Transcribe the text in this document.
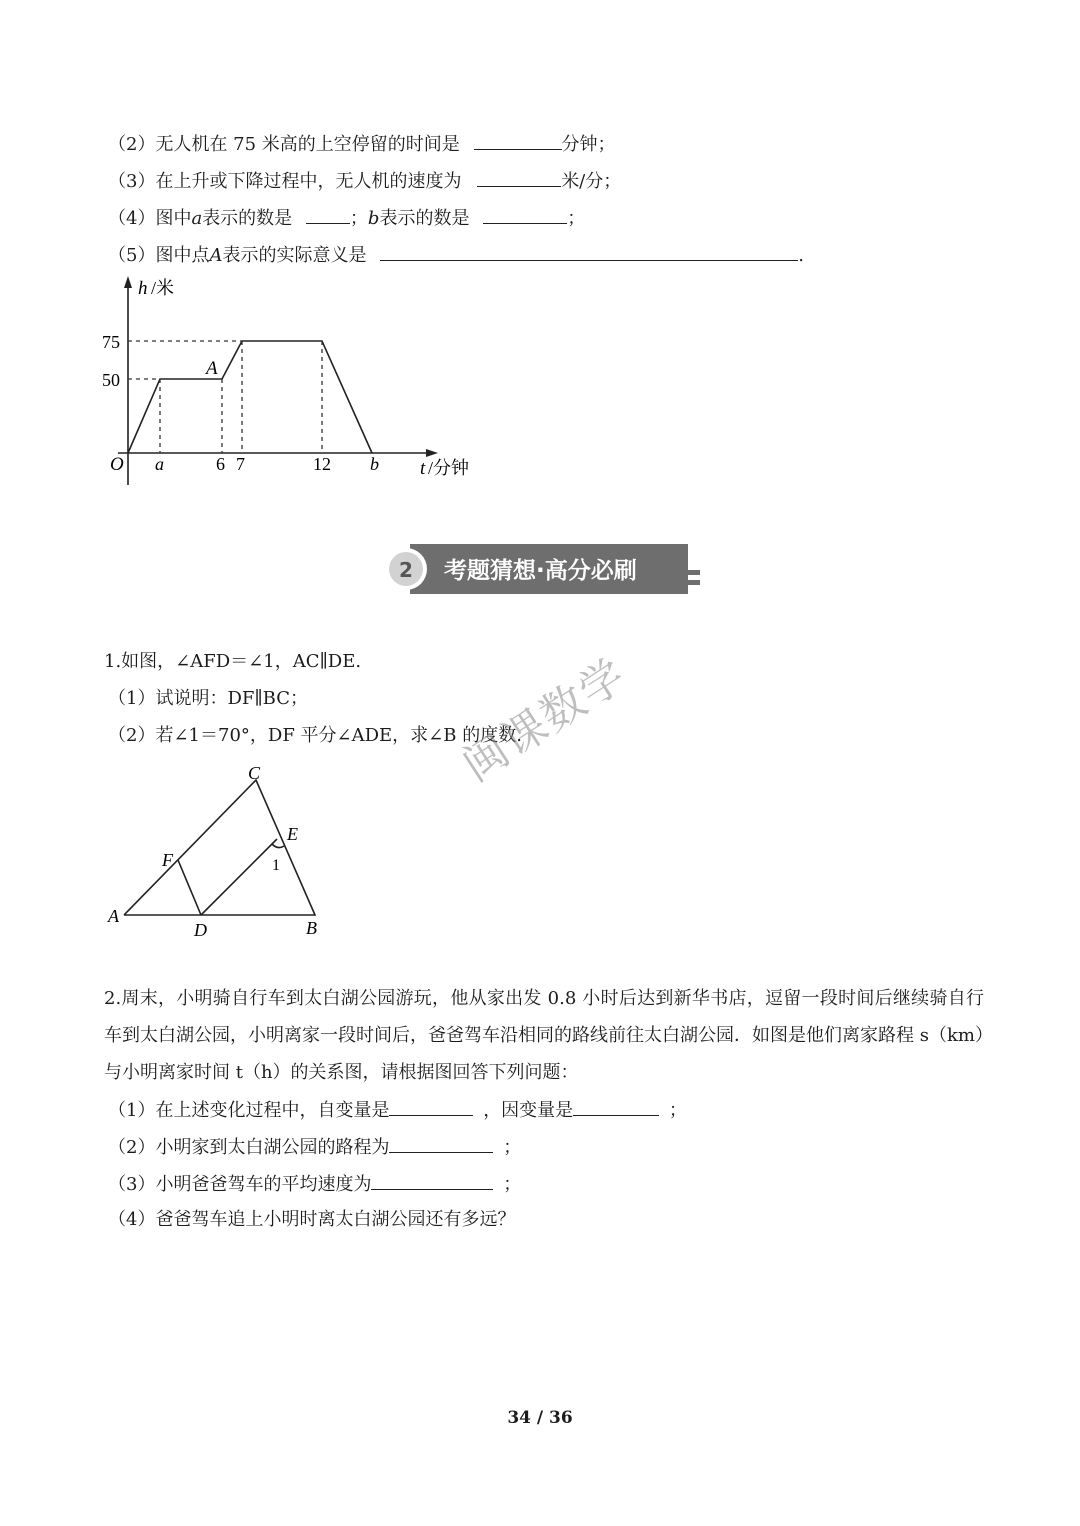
（2）无人机在 75 米高的上空停留的时间是	分钟；
（3）在上升或下降过程中，无人机的速度为	米/分；
（4）图中a表示的数是	；b表示的数是	；
（5）图中点A表示的实际意义是	.
h /米
75
50
A
O a	6 7	12 b t /分钟
2 考题猜想·高分必刷
1.如图，∠AFD＝∠1，AC∥DE.
（1）试说明：DF∥BC；
（2）若∠1＝70°，DF 平分∠ADE，求∠B 的度数.
C
E
F	1
A
D	B
闽课数学
2.周末，小明骑自行车到太白湖公园游玩，他从家出发 0.8 小时后达到新华书店，逗留一段时间后继续骑自行车到太白湖公园，小明离家一段时间后，爸爸驾车沿相同的路线前往太白湖公园．如图是他们离家路程 s（km）与小明离家时间 t（h）的关系图，请根据图回答下列问题：
（1）在上述变化过程中，自变量是	，因变量是	；
（2）小明家到太白湖公园的路程为	；
（3）小明爸爸驾车的平均速度为	；
（4）爸爸驾车追上小明时离太白湖公园还有多远？
34 / 36
